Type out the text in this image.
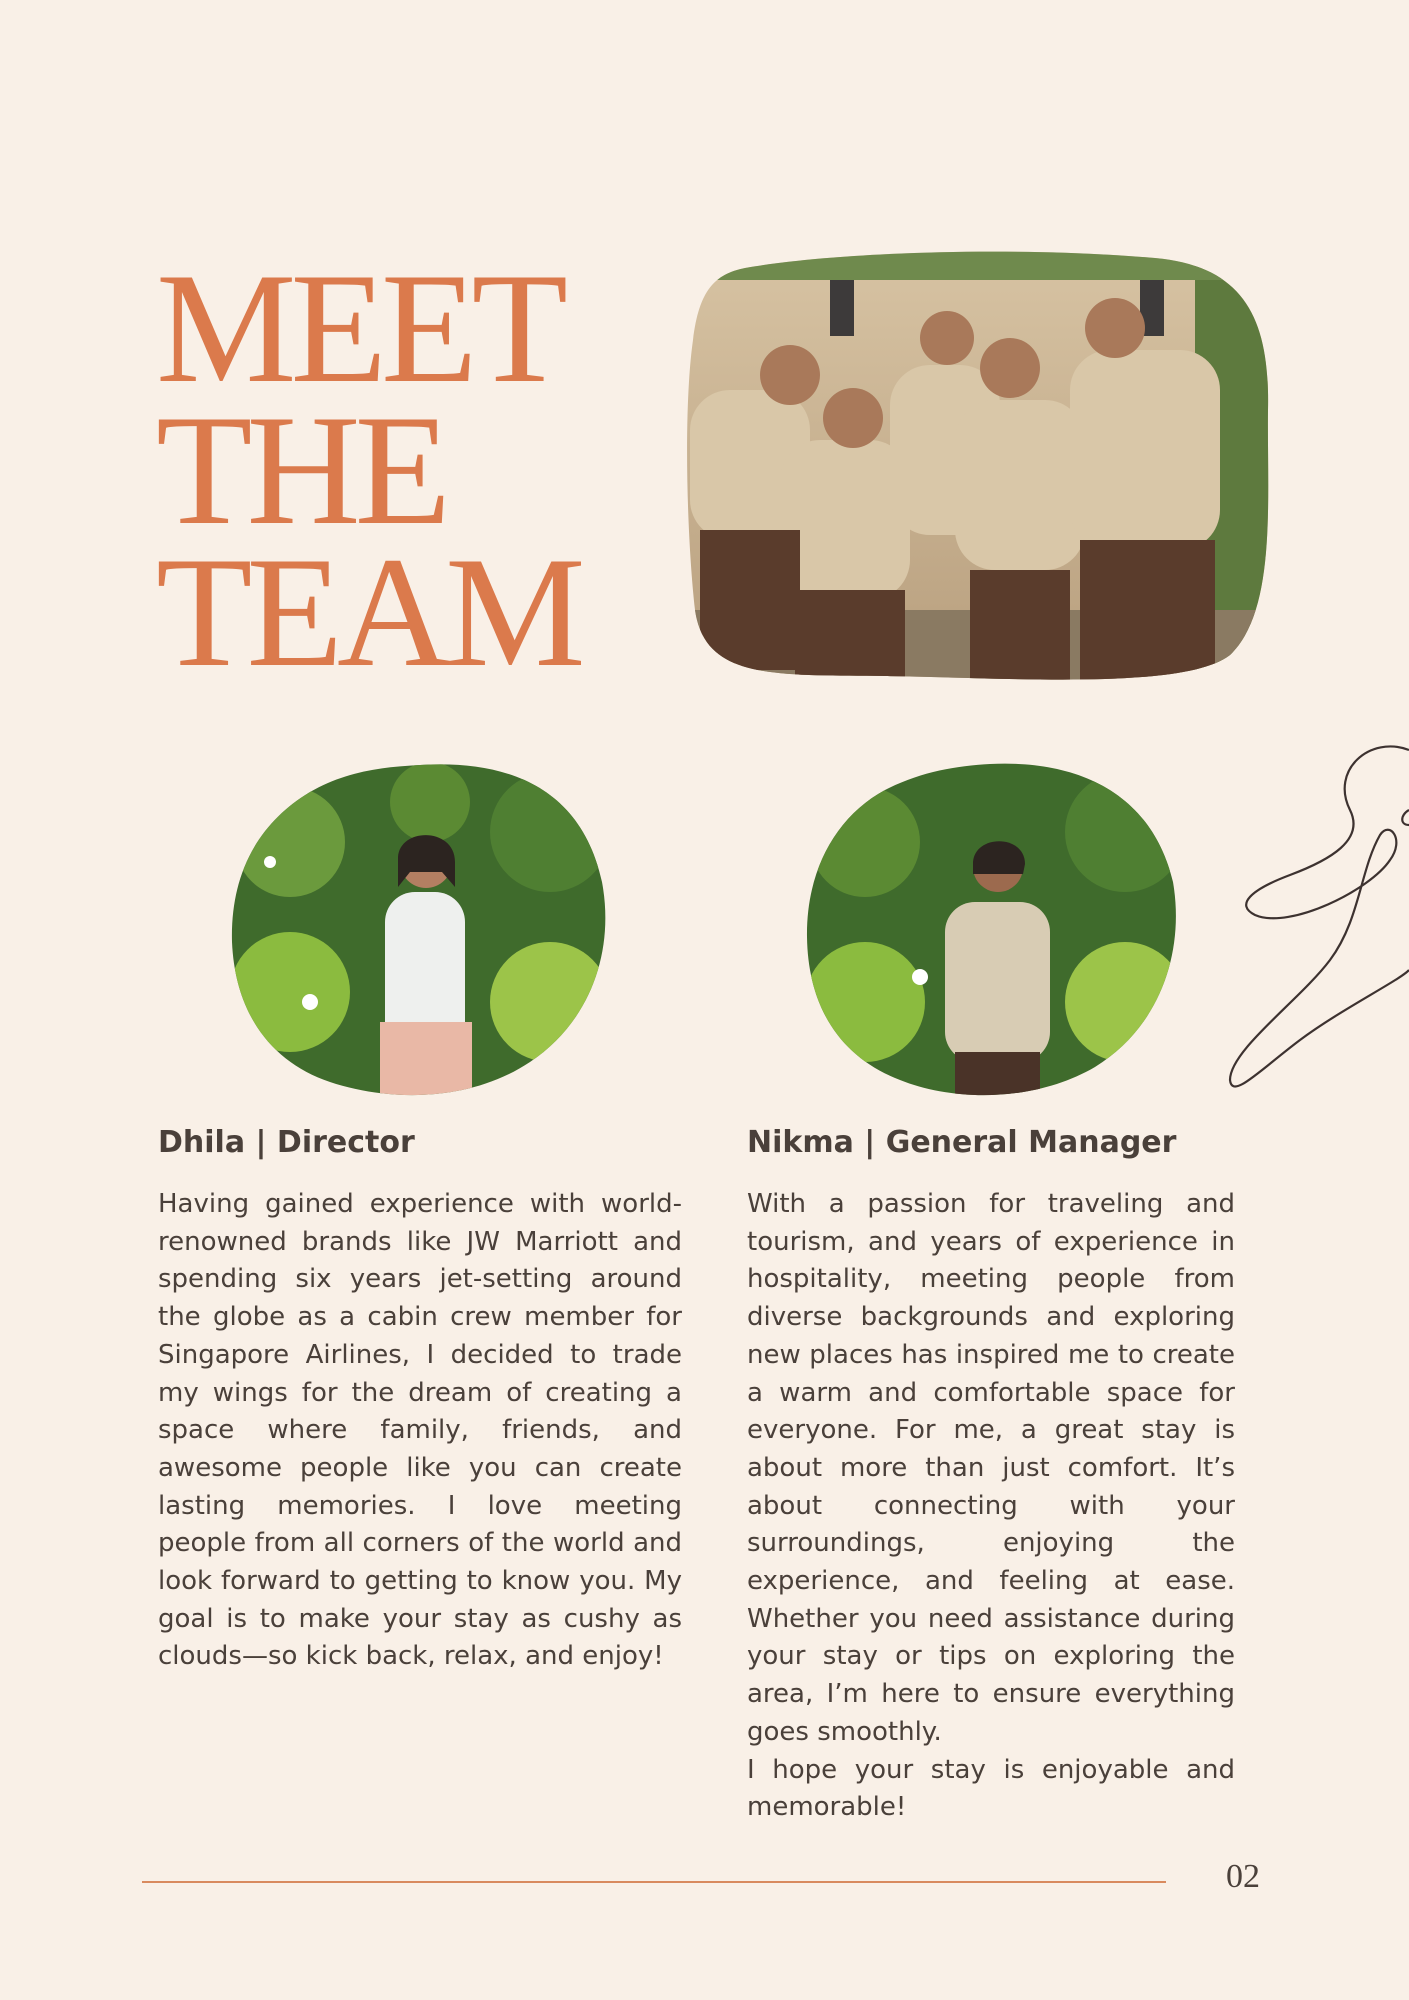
MEET
THE
TEAM
Dhila | Director
Having gained experience with world-renowned brands like JW Marriott and spending six years jet-setting around the globe as a cabin crew member for Singapore Airlines, I decided to trade my wings for the dream of creating a space where family, friends, and awesome people like you can create lasting memories. I love meeting people from all corners of the world and look forward to getting to know you. My goal is to make your stay as cushy as clouds—so kick back, relax, and enjoy!
Nikma | General Manager
With a passion for traveling and tourism, and years of experience in hospitality, meeting people from diverse backgrounds and exploring new places has inspired me to create a warm and comfortable space for everyone. For me, a great stay is about more than just comfort. It’s about connecting with your surroundings, enjoying the experience, and feeling at ease. Whether you need assistance during your stay or tips on exploring the area, I’m here to ensure everything goes smoothly.
I hope your stay is enjoyable and memorable!
02
